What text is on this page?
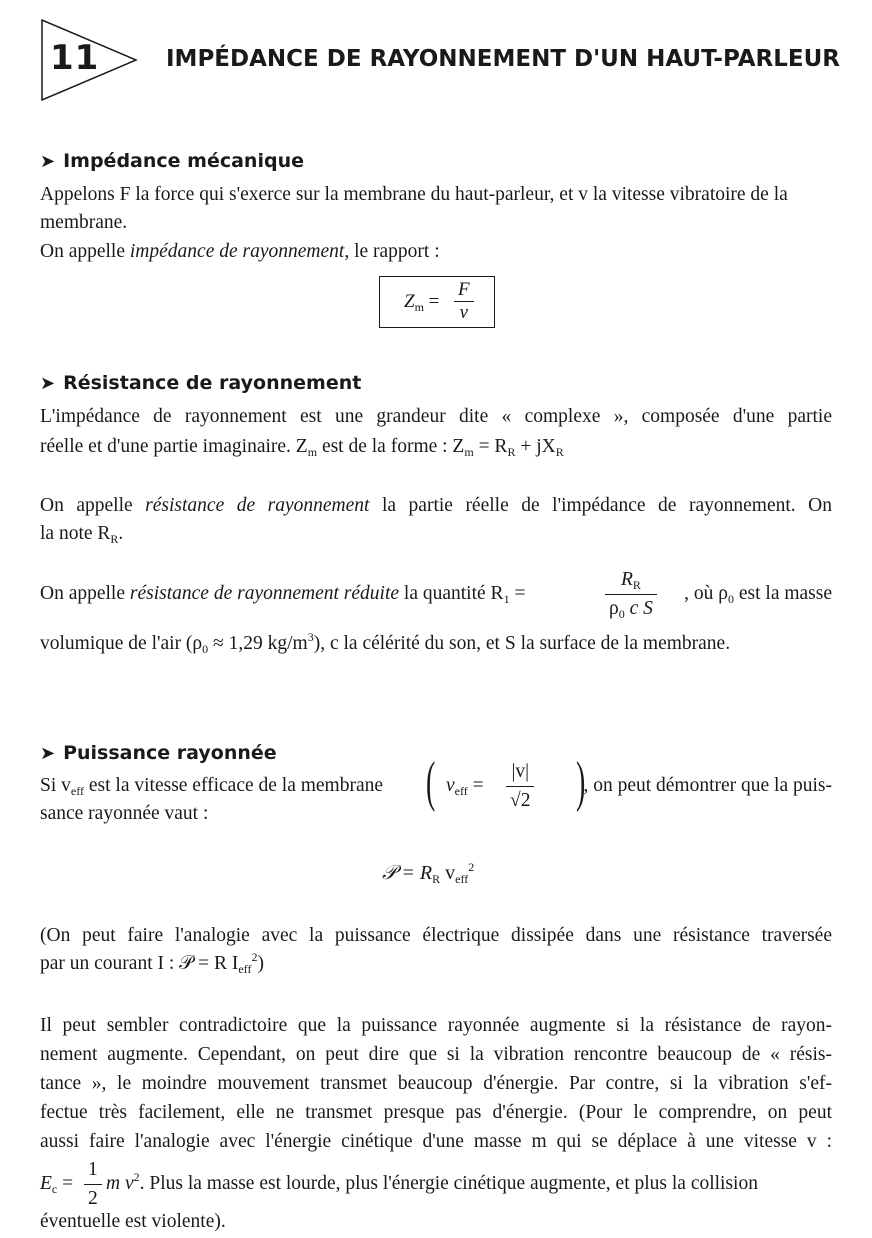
11	IMPÉDANCE DE RAYONNEMENT D'UN HAUT-PARLEUR
➤ Impédance mécanique
Appelons F la force qui s'exerce sur la membrane du haut-parleur, et v la vitesse vibratoire de la membrane.
On appelle impédance de rayonnement, le rapport :
$Z_m = \frac{F}{v}$
➤ Résistance de rayonnement
L'impédance de rayonnement est une grandeur dite « complexe », composée d'une partie
réelle et d'une partie imaginaire. $Z_m$ est de la forme : $Z_m = R_R + jX_R$
On appelle résistance de rayonnement la partie réelle de l'impédance de rayonnement. On
la note $R_R$.
On appelle résistance de rayonnement réduite la quantité $R_1$ =	$\frac{R_R}{\rho_0 c S}$ , où $\rho_0$ est la masse
volumique de l'air ($\rho_0 \approx 1,29$ $kg/m^3$), c la célérité du son, et S la surface de la membrane.
➤ Puissance rayonnée
Si $v_{eff}$ est la vitesse efficace de la membrane ( $v_{eff} = \frac{|v|}{√2}$ )
, on peut démontrer que la puis-
sance rayonnée vaut :
𝒫 = $R_R$ $v_{eff}^2$
(On peut faire l'analogie avec la puissance électrique dissipée dans une résistance traversée
par un courant I : 𝒫 = R $I_{eff}^2$)
Il peut sembler contradictoire que la puissance rayonnée augmente si la résistance de rayon-
nement augmente. Cependant, on peut dire que si la vibration rencontre beaucoup de « résis-
tance », le moindre mouvement transmet beaucoup d'énergie. Par contre, si la vibration s'ef-
fectue très facilement, elle ne transmet presque pas d'énergie. (Pour le comprendre, on peut
aussi faire l'analogie avec l'énergie cinétique d'une masse m qui se déplace à une vitesse v :
$E_c = \frac{1}{2}$ m $v^2$. Plus la masse est lourde, plus l'énergie cinétique augmente, et plus la collision
éventuelle est violente).
